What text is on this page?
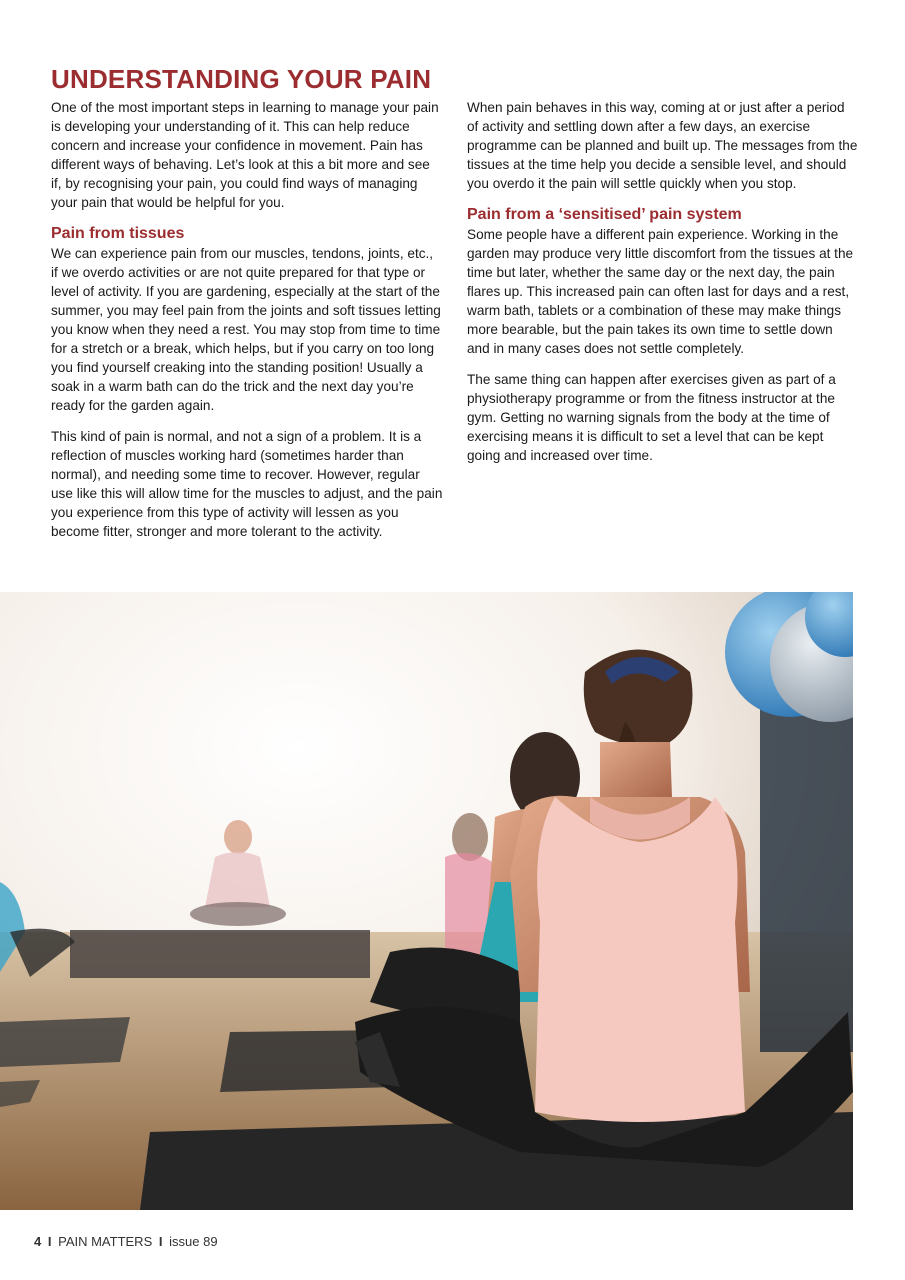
UNDERSTANDING YOUR PAIN

One of the most important steps in learning to manage your pain is developing your understanding of it. This can help reduce concern and increase your confidence in movement. Pain has different ways of behaving. Let’s look at this a bit more and see if, by recognising your pain, you could find ways of managing your pain that would be helpful for you.

Pain from tissues

We can experience pain from our muscles, tendons, joints, etc., if we overdo activities or are not quite prepared for that type or level of activity. If you are gardening, especially at the start of the summer, you may feel pain from the joints and soft tissues letting you know when they need a rest. You may stop from time to time for a stretch or a break, which helps, but if you carry on too long you find yourself creaking into the standing position! Usually a soak in a warm bath can do the trick and the next day you’re ready for the garden again.

This kind of pain is normal, and not a sign of a problem. It is a reflection of muscles working hard (sometimes harder than normal), and needing some time to recover. However, regular use like this will allow time for the muscles to adjust, and the pain you experience from this type of activity will lessen as you become fitter, stronger and more tolerant to the activity.

When pain behaves in this way, coming at or just after a period of activity and settling down after a few days, an exercise programme can be planned and built up. The messages from the tissues at the time help you decide a sensible level, and should you overdo it the pain will settle quickly when you stop.

Pain from a ‘sensitised’ pain system

Some people have a different pain experience. Working in the garden may produce very little discomfort from the tissues at the time but later, whether the same day or the next day, the pain flares up. This increased pain can often last for days and a rest, warm bath, tablets or a combination of these may make things more bearable, but the pain takes its own time to settle down and in many cases does not settle completely.

The same thing can happen after exercises given as part of a physiotherapy programme or from the fitness instructor at the gym. Getting no warning signals from the body at the time of exercising means it is difficult to set a level that can be kept going and increased over time.

4 I PAIN MATTERS I issue 89
